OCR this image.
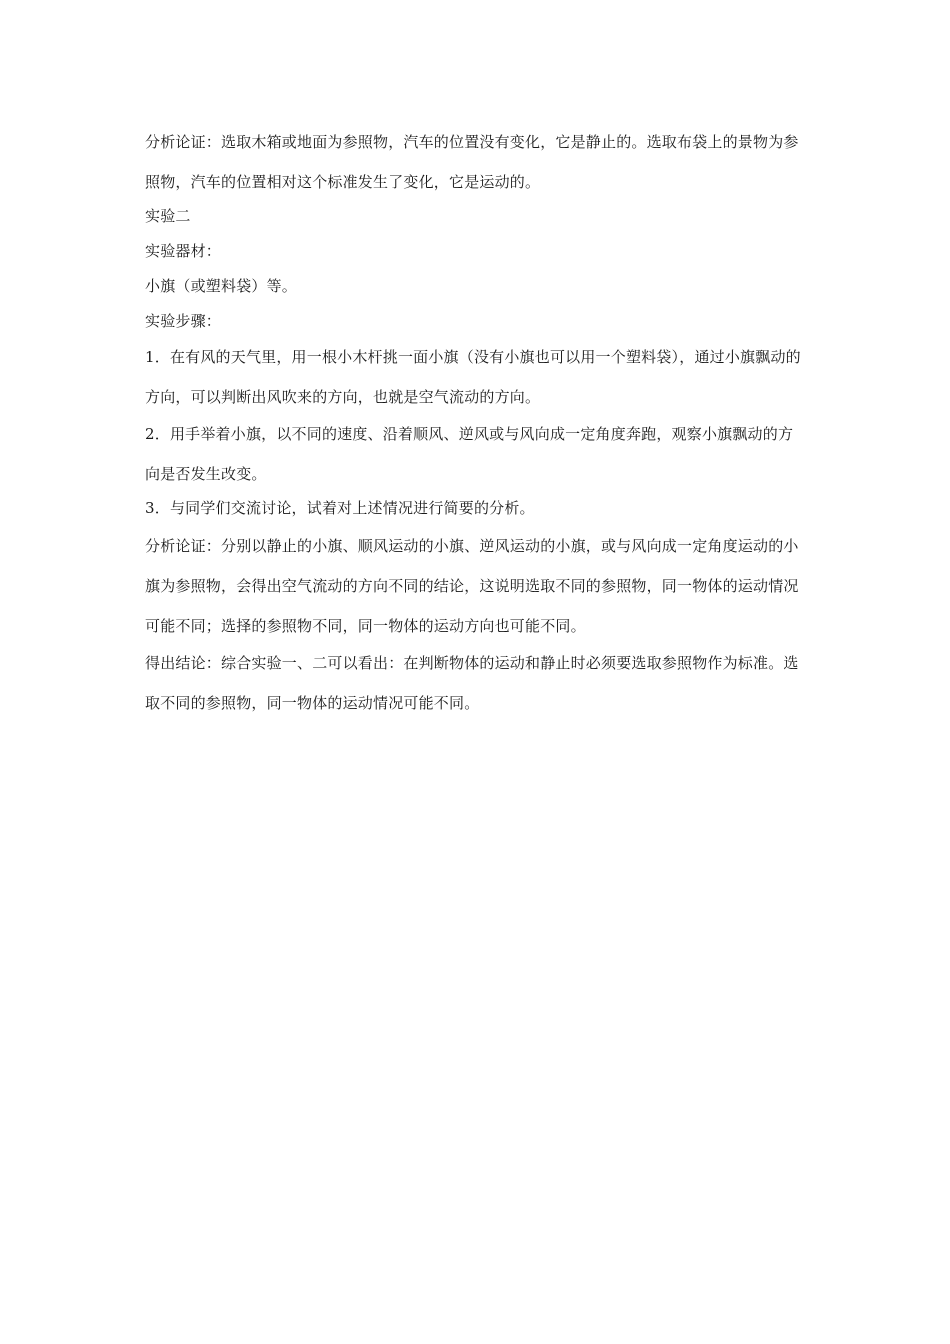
分析论证：选取木箱或地面为参照物，汽车的位置没有变化，它是静止的。选取布袋上的景物为参照物，汽车的位置相对这个标准发生了变化，它是运动的。

实验二

实验器材：

小旗（或塑料袋）等。

实验步骤：

1．在有风的天气里，用一根小木杆挑一面小旗（没有小旗也可以用一个塑料袋），通过小旗飘动的方向，可以判断出风吹来的方向，也就是空气流动的方向。

2．用手举着小旗，以不同的速度、沿着顺风、逆风或与风向成一定角度奔跑，观察小旗飘动的方向是否发生改变。

3．与同学们交流讨论，试着对上述情况进行简要的分析。

分析论证：分别以静止的小旗、顺风运动的小旗、逆风运动的小旗，或与风向成一定角度运动的小旗为参照物，会得出空气流动的方向不同的结论，这说明选取不同的参照物，同一物体的运动情况可能不同；选择的参照物不同，同一物体的运动方向也可能不同。

得出结论：综合实验一、二可以看出：在判断物体的运动和静止时必须要选取参照物作为标准。选取不同的参照物，同一物体的运动情况可能不同。
